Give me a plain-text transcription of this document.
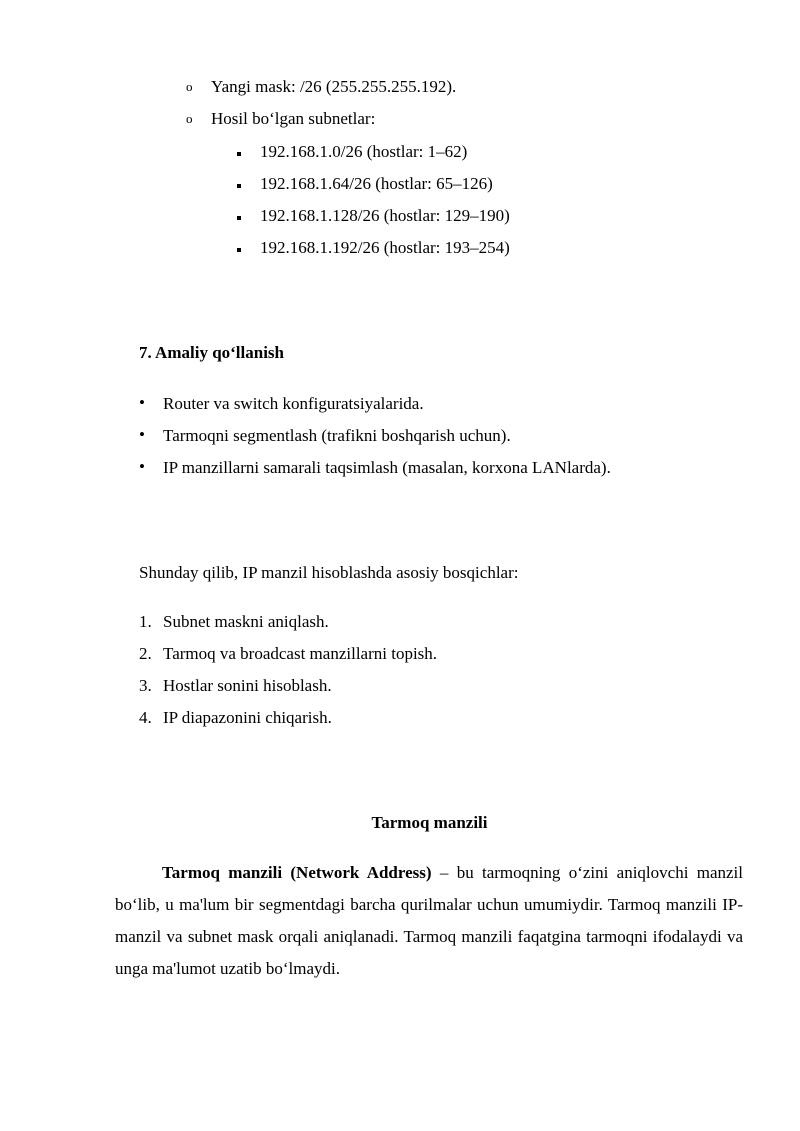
o Yangi mask: /26 (255.255.255.192).
o Hosil bo‘lgan subnetlar:
192.168.1.0/26 (hostlar: 1–62)
192.168.1.64/26 (hostlar: 65–126)
192.168.1.128/26 (hostlar: 129–190)
192.168.1.192/26 (hostlar: 193–254)
7. Amaliy qo‘llanish
• Router va switch konfiguratsiyalarida.
• Tarmoqni segmentlash (trafikni boshqarish uchun).
• IP manzillarni samarali taqsimlash (masalan, korxona LANlarda).
Shunday qilib, IP manzil hisoblashda asosiy bosqichlar:
1. Subnet maskni aniqlash.
2. Tarmoq va broadcast manzillarni topish.
3. Hostlar sonini hisoblash.
4. IP diapazonini chiqarish.
Tarmoq manzili
Tarmoq manzili (Network Address) – bu tarmoqning o‘zini aniqlovchi manzil bo‘lib, u ma'lum bir segmentdagi barcha qurilmalar uchun umumiydir. Tarmoq manzili IP-manzil va subnet mask orqali aniqlanadi. Tarmoq manzili faqatgina tarmoqni ifodalaydi va unga ma'lumot uzatib bo‘lmaydi.
